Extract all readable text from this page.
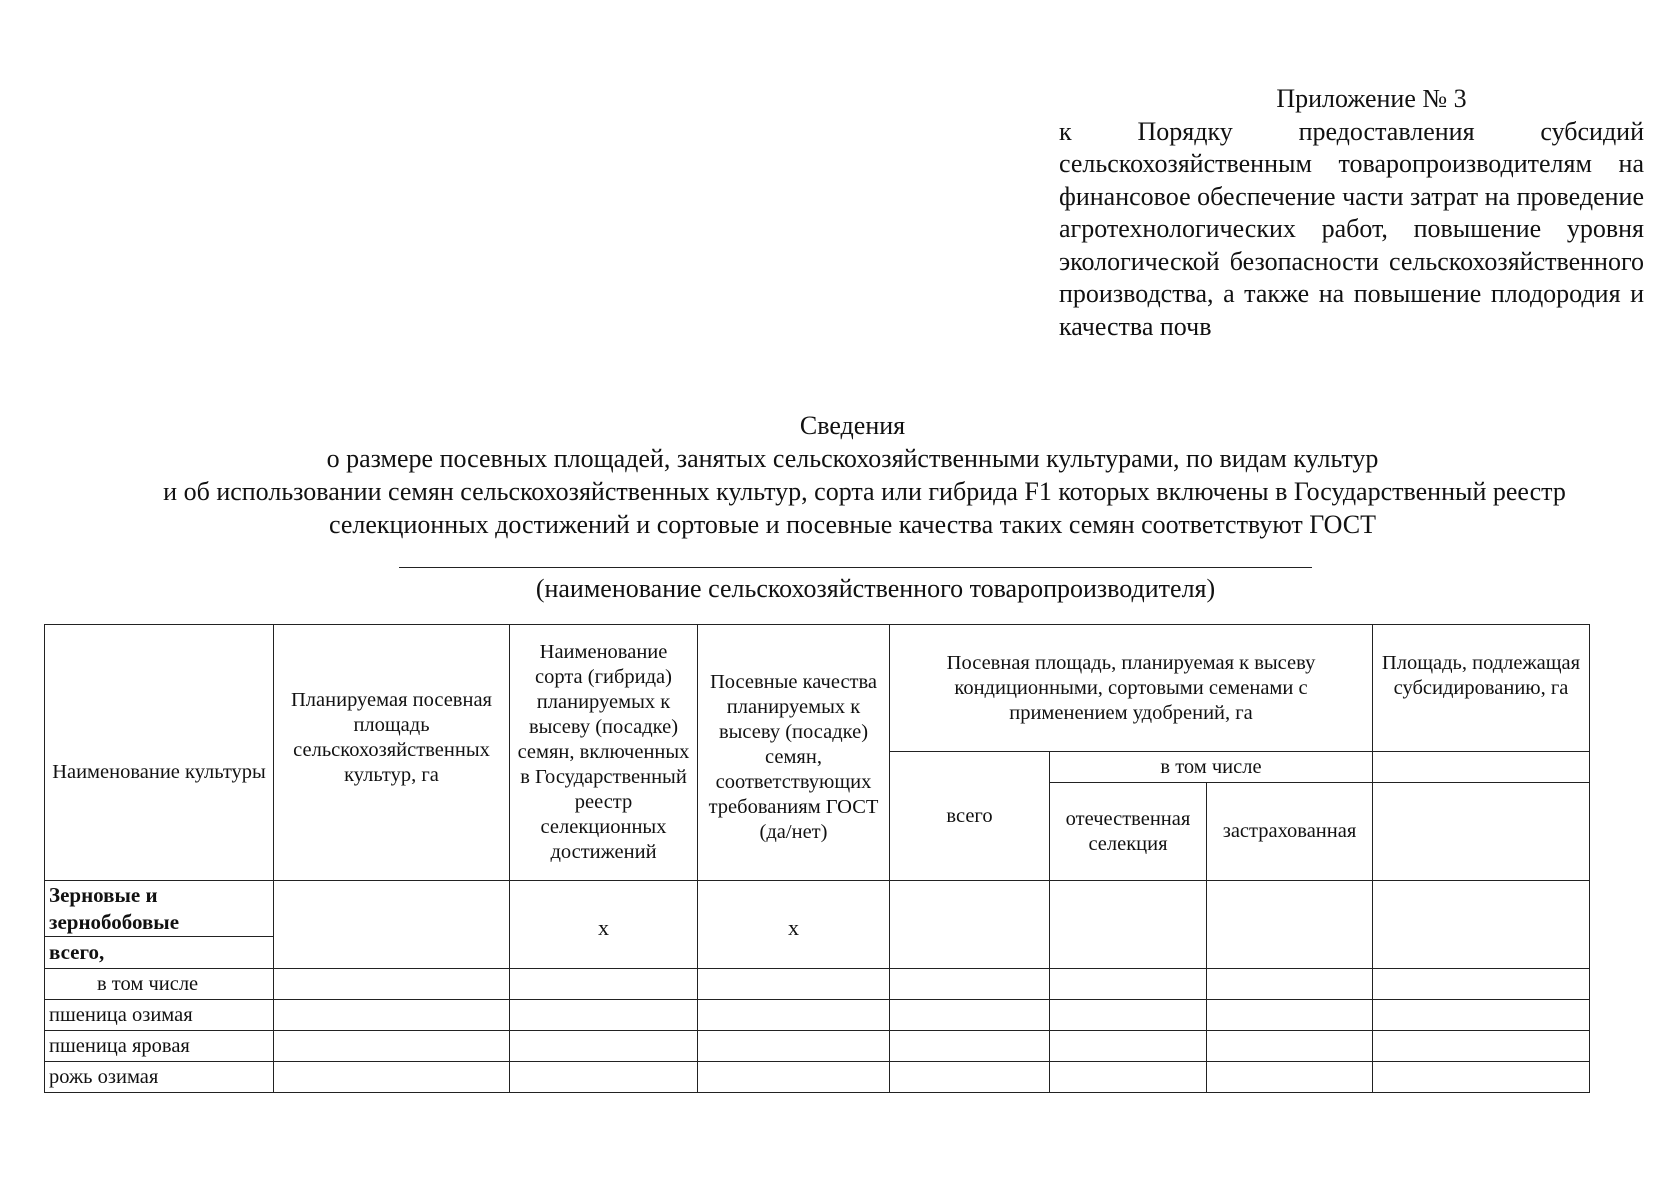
Приложение № 3
к Порядку предоставления субсидий сельскохозяйственным товаропроизводителям на финансовое обеспечение части затрат на проведение агротехнологических работ, повышение уровня экологической безопасности сельскохозяйственного производства, а также на повышение плодородия и качества почв

Сведения

о размере посевных площадей, занятых сельскохозяйственными культурами, по видам культур

и об использовании семян сельскохозяйственных культур, сорта или гибрида F1 которых включены в Государственный реестр

селекционных достижений и сортовые и посевные качества таких семян соответствуют ГОСТ

(наименование сельскохозяйственного товаропроизводителя)
Наименование культуры	Планируемая посевная площадь сельскохозяйственных культур, га	Наименование сорта (гибрида) планируемых к высеву (посадке) семян, включенных в Государственный реестр селекционных достижений	Посевные качества планируемых к высеву (посадке) семян, соответствующих требованиям ГОСТ (да/нет)	Посевная площадь, планируемая к высеву кондиционными, сортовыми семенами с применением удобрений, га			Площадь, подлежащая субсидированию, га

				всего	в том числе		

					отечественная селекция	застрахованная	

Зерновые и зернобобовые		х	х				
всего,							
в том числе							
пшеница озимая							
пшеница яровая							
рожь озимая							
